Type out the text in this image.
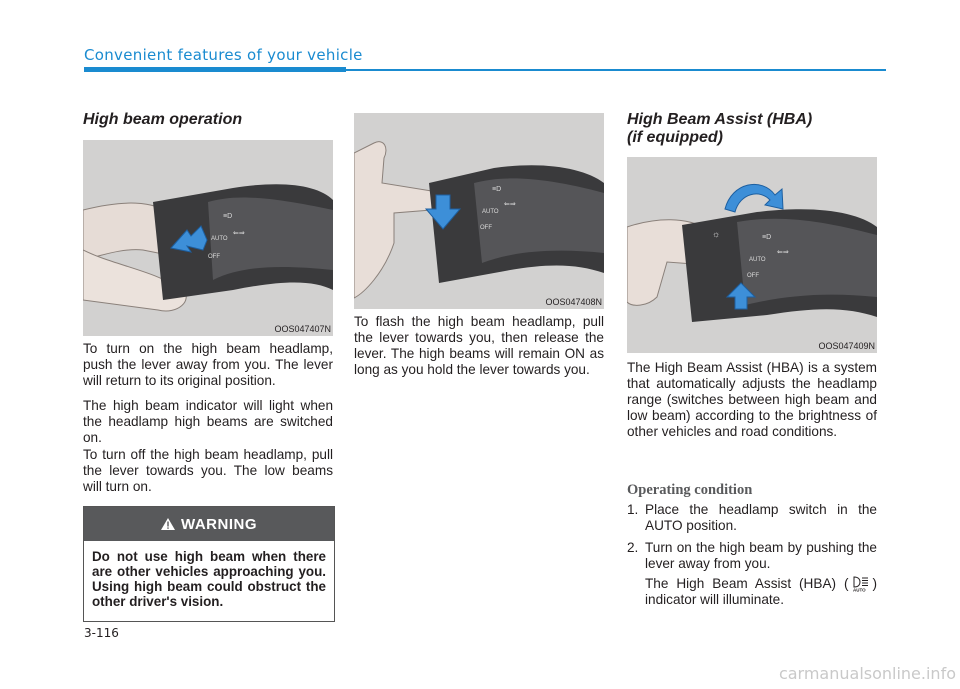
Convenient features of your vehicle
High beam operation
≡D
⇐⇒
AUTO
OFF
OOS047407N

To turn on the high beam headlamp, push the lever away from you. The lever will return to its original position.

The high beam indicator will light when the headlamp high beams are switched on.

To turn off the high beam headlamp, pull the lever towards you. The low beams will turn on.

WARNING
Do not use high beam when there are other vehicles approaching you. Using high beam could obstruct the other driver's vision.
≡D
⇐⇒
AUTO
OFF
OOS047408N

To flash the high beam headlamp, pull the lever towards you, then release the lever. The high beams will remain ON as long as you hold the lever towards you.

High Beam Assist (HBA)
(if equipped)
☼	≡D
⇐⇒
AUTO
OFF
OOS047409N

The High Beam Assist (HBA) is a system that automatically adjusts the headlamp range (switches between high beam and low beam) according to the brightness of other vehicles and road conditions.

Operating condition
1. Place the headlamp switch in the AUTO position.
2. Turn on the high beam by pushing the lever away from you.
The High Beam Assist (HBA) ( AUTO ) indicator will illuminate.
3-116
carmanualsonline.info
